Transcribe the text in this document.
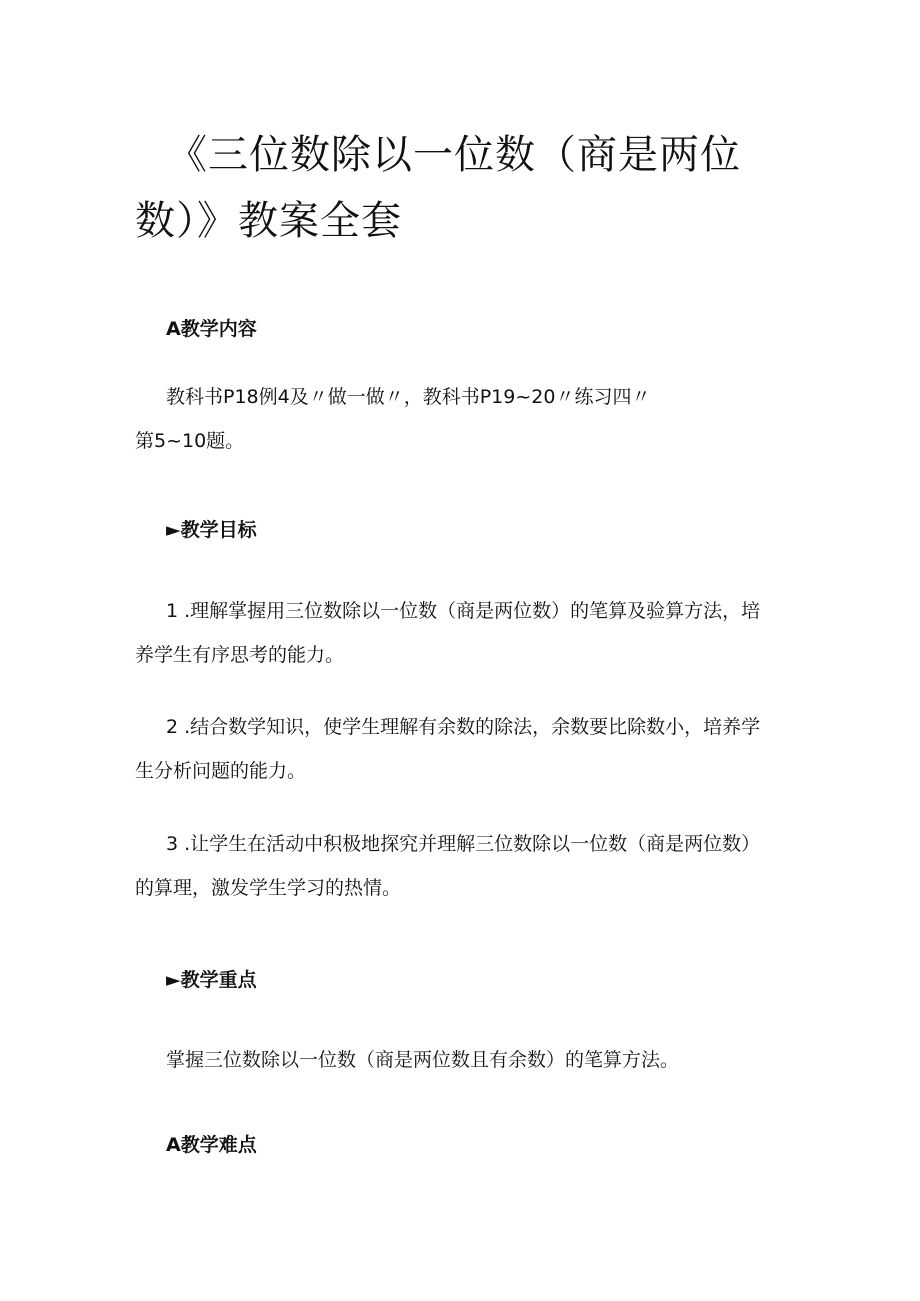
《三位数除以一位数（商是两位
数）》教案全套
A教学内容
教科书P18例4及〃做一做〃，教科书P19~20〃练习四〃
第5~10题。
►教学目标
1 .理解掌握用三位数除以一位数（商是两位数）的笔算及验算方法，培
养学生有序思考的能力。
2 .结合数学知识，使学生理解有余数的除法，余数要比除数小，培养学
生分析问题的能力。
3 .让学生在活动中积极地探究并理解三位数除以一位数（商是两位数）
的算理，激发学生学习的热情。
►教学重点
掌握三位数除以一位数（商是两位数且有余数）的笔算方法。
A教学难点
